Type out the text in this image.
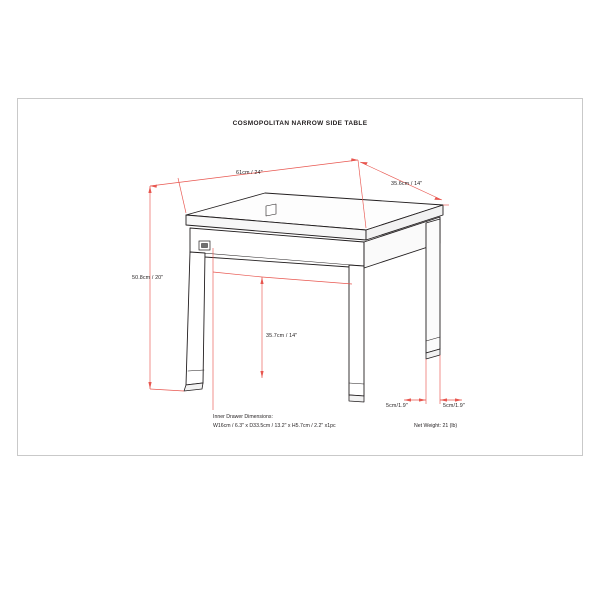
COSMOPOLITAN NARROW SIDE TABLE
61cm / 24"
35.6cm / 14"
50.8cm / 20"
35.7cm / 14"
5cm/1.9"	5cm/1.9"
Inner Drawer Dimensions:
W16cm / 6.3" x D33.5cm / 13.2" x H5.7cm / 2.2" x1pc	Net Weight: 21 (lb)
